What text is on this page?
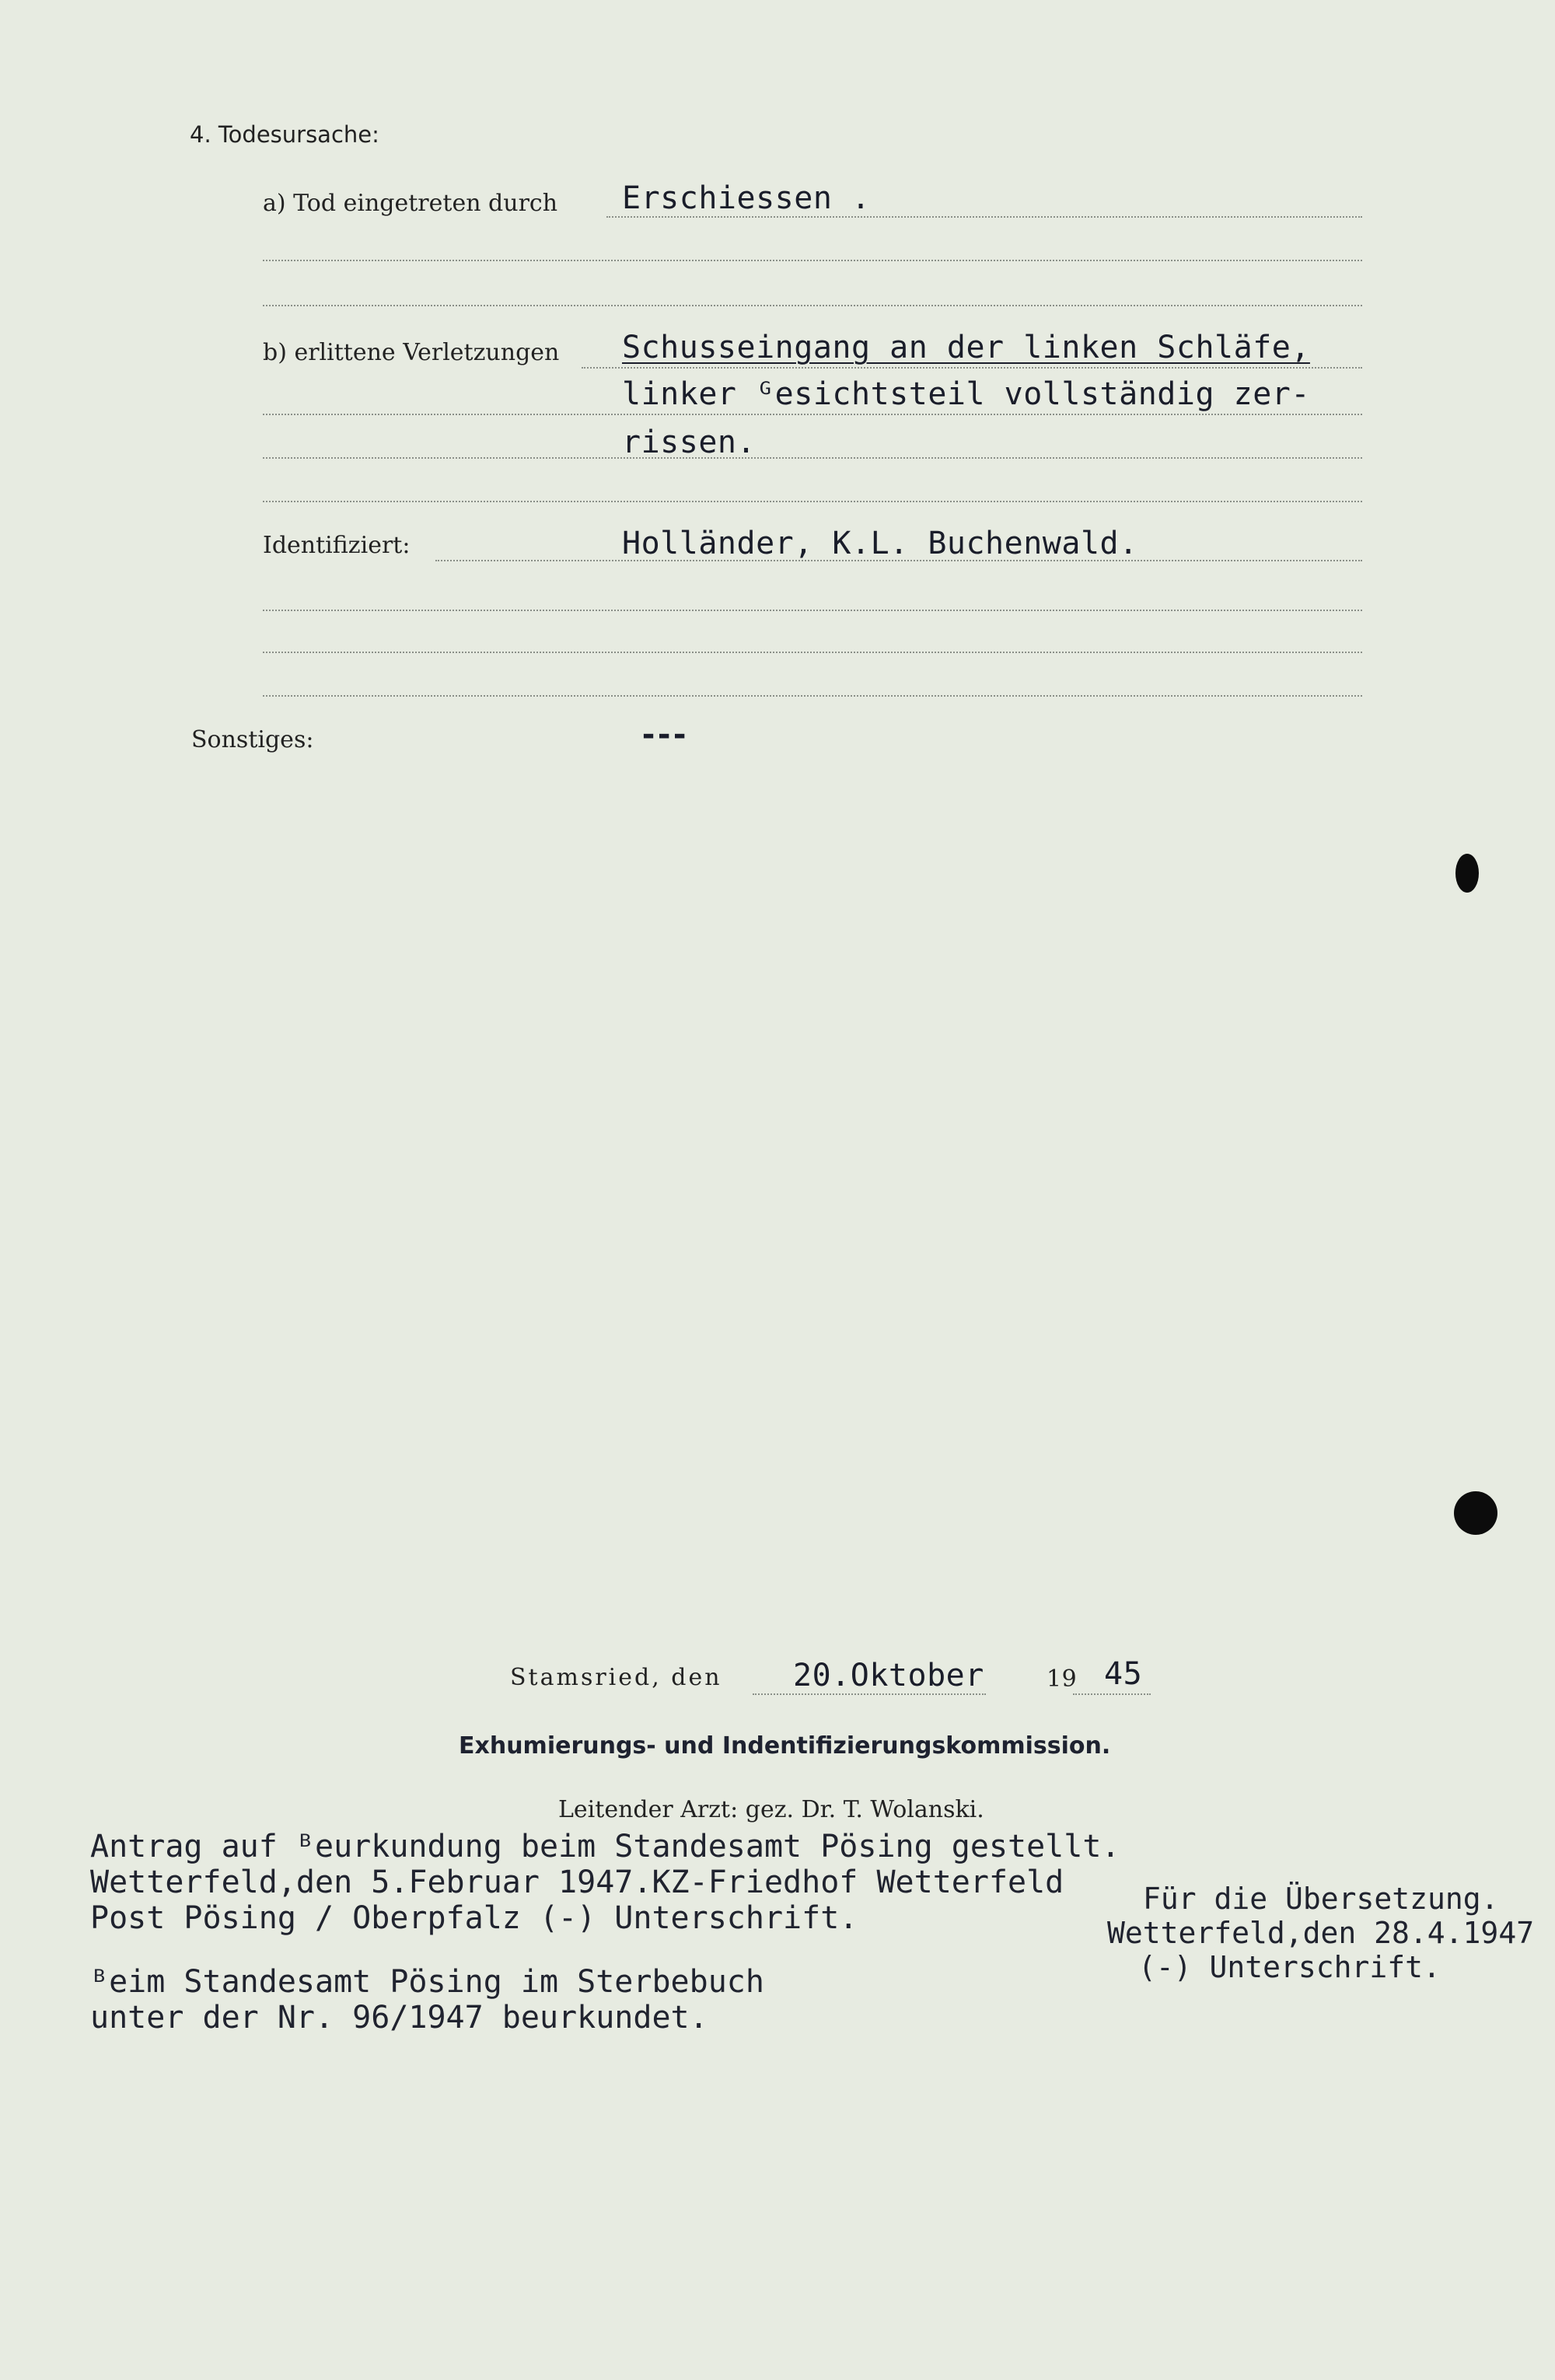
4. Todesursache:
a) Tod eingetreten durch Erschiessen .
b) erlittene Verletzungen Schusseingang an der linken Schläfe,
linker ᴳesichtsteil vollständig zer-
rissen.
Identifiziert:	Holländer, K.L. Buchenwald.
Sonstiges:	---
Stamsried, den 20.Oktober	19 45
Exhumierungs- und Indentifizierungskommission.
Leitender Arzt: gez. Dr. T. Wolanski.
Antrag auf ᴮeurkundung beim Standesamt Pösing gestellt.
Wetterfeld,den 5.Februar 1947.KZ-Friedhof Wetterfeld
Post Pösing / Oberpfalz (-) Unterschrift.
ᴮeim Standesamt Pösing im Sterbebuch
unter der Nr. 96/1947 beurkundet.
Für die Übersetzung.
Wetterfeld,den 28.4.1947
(-) Unterschrift.
